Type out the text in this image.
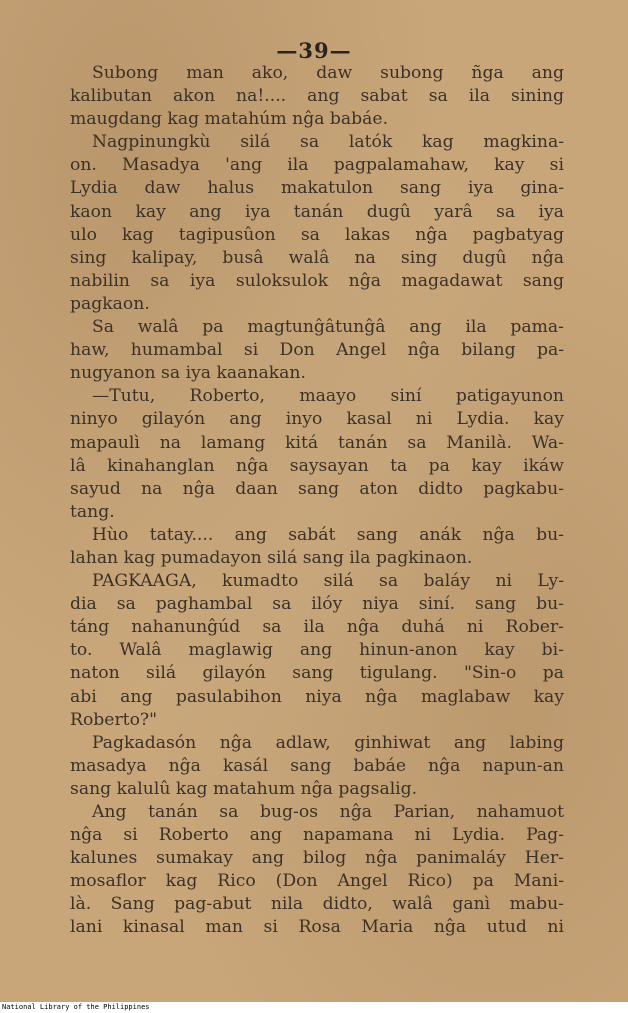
—39—
Subong man ako, daw subong ñga ang
kalibutan akon na!.... ang sabat sa ila sining
maugdang kag matahúm nĝa babáe.
Nagpinungkù silá sa latók kag magkina-
on. Masadya 'ang ila pagpalamahaw, kay si
Lydia daw halus makatulon sang iya gina-
kaon kay ang iya tanán dugû yarâ sa iya
ulo kag tagipusûon sa lakas nĝa pagbatyag
sing kalipay, busâ walâ na sing dugû nĝa
nabilin sa iya suloksulok nĝa magadawat sang
pagkaon.
Sa walâ pa magtunĝâtunĝâ ang ila pama-
haw, humambal si Don Angel nĝa bilang pa-
nugyanon sa iya kaanakan.
—Tutu, Roberto, maayo siní patigayunon
ninyo gilayón ang inyo kasal ni Lydia. kay
mapaulì na lamang kitá tanán sa Manilà. Wa-
lâ kinahanglan nĝa saysayan ta pa kay ikáw
sayud na nĝa daan sang aton didto pagkabu-
tang.
Hùo tatay.... ang sabát sang anák nĝa bu-
lahan kag pumadayon silá sang ila pagkinaon.
PAGKAAGA, kumadto silá sa baláy ni Ly-
dia sa paghambal sa ilóy niya siní. sang bu-
táng nahanunĝúd sa ila nĝa duhá ni Rober-
to. Walâ maglawig ang hinun-anon kay bi-
naton silá gilayón sang tigulang. "Sin-o pa
abi ang pasulabihon niya nĝa maglabaw kay
Roberto?"
Pagkadasón nĝa adlaw, ginhiwat ang labing
masadya nĝa kasál sang babáe nĝa napun-an
sang kalulû kag matahum nĝa pagsalig.
Ang tanán sa bug-os nĝa Parian, nahamuot
nĝa si Roberto ang napamana ni Lydia. Pag-
kalunes sumakay ang bilog nĝa panimaláy Her-
mosaflor kag Rico (Don Angel Rico) pa Mani-
là. Sang pag-abut nila didto, walâ ganì mabu-
lani kinasal man si Rosa Maria nĝa utud ni
National Library of the Philippines
